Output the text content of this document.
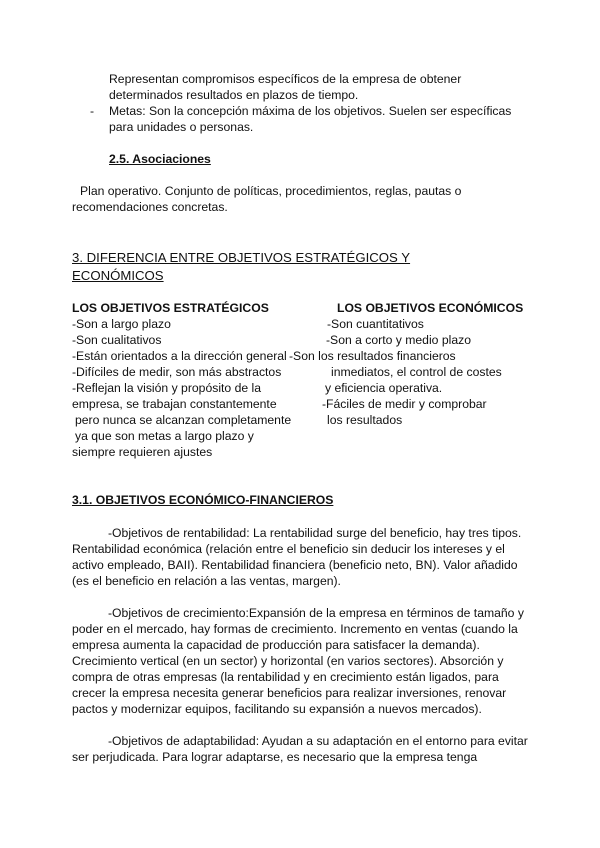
Representan compromisos específicos de la empresa de obtener
determinados resultados en plazos de tiempo.
- Metas: Son la concepción máxima de los objetivos. Suelen ser específicas
para unidades o personas.
2.5. Asociaciones
Plan operativo. Conjunto de políticas, procedimientos, reglas, pautas o
recomendaciones concretas.
3. DIFERENCIA ENTRE OBJETIVOS ESTRATÉGICOS Y
ECONÓMICOS
LOS OBJETIVOS ESTRATÉGICOS	LOS OBJETIVOS ECONÓMICOS
-Son a largo plazo
-Son cualitativos
-Están orientados a la dirección general
-Difíciles de medir, son más abstractos
-Reflejan la visión y propósito de la
empresa, se trabajan constantemente
pero nunca se alcanzan completamente
ya que son metas a largo plazo y
siempre requieren ajustes
-Son cuantitativos
-Son a corto y medio plazo
-Son los resultados financieros
inmediatos, el control de costes
y eficiencia operativa.
-Fáciles de medir y comprobar
los resultados
3.1. OBJETIVOS ECONÓMICO-FINANCIEROS
-Objetivos de rentabilidad: La rentabilidad surge del beneficio, hay tres tipos.
Rentabilidad económica (relación entre el beneficio sin deducir los intereses y el
activo empleado, BAII). Rentabilidad financiera (beneficio neto, BN). Valor añadido
(es el beneficio en relación a las ventas, margen).
-Objetivos de crecimiento:Expansión de la empresa en términos de tamaño y
poder en el mercado, hay formas de crecimiento. Incremento en ventas (cuando la
empresa aumenta la capacidad de producción para satisfacer la demanda).
Crecimiento vertical (en un sector) y horizontal (en varios sectores). Absorción y
compra de otras empresas (la rentabilidad y en crecimiento están ligados, para
crecer la empresa necesita generar beneficios para realizar inversiones, renovar
pactos y modernizar equipos, facilitando su expansión a nuevos mercados).
-Objetivos de adaptabilidad: Ayudan a su adaptación en el entorno para evitar
ser perjudicada. Para lograr adaptarse, es necesario que la empresa tenga
